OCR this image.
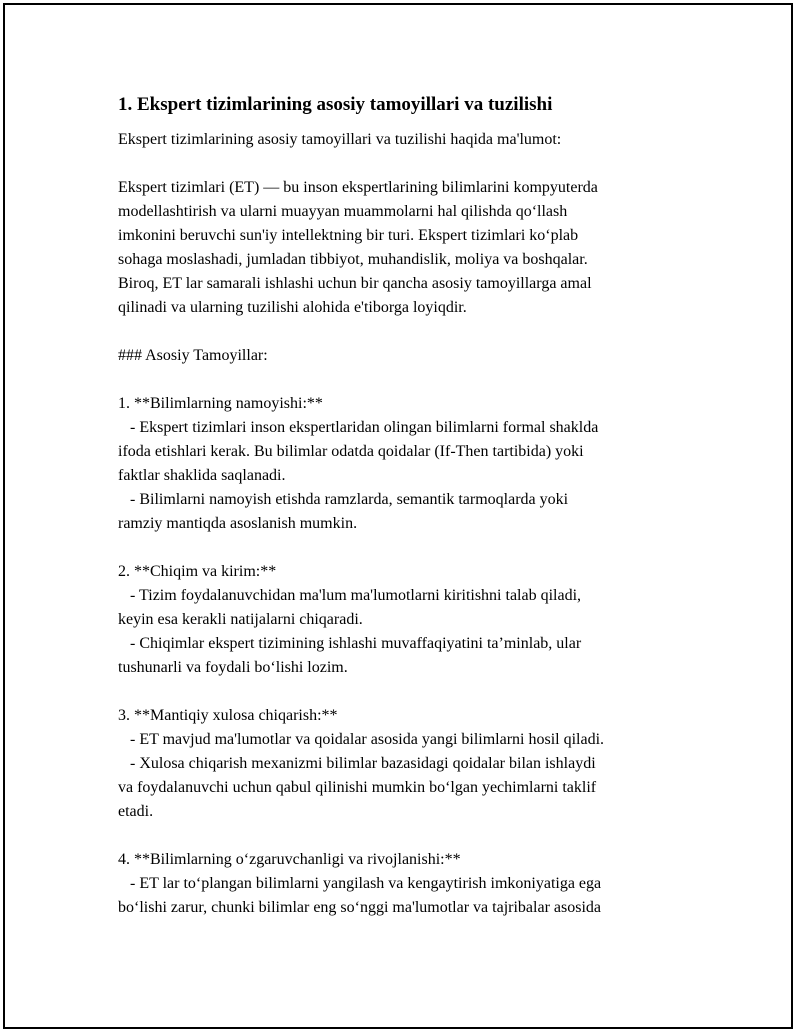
1. Ekspert tizimlarining asosiy tamoyillari va tuzilishi

Ekspert tizimlarining asosiy tamoyillari va tuzilishi haqida ma'lumot:

Ekspert tizimlari (ET) — bu inson ekspertlarining bilimlarini kompyuterda

modellashtirish va ularni muayyan muammolarni hal qilishda qo‘llash

imkonini beruvchi sun'iy intellektning bir turi. Ekspert tizimlari ko‘plab

sohaga moslashadi, jumladan tibbiyot, muhandislik, moliya va boshqalar.

Biroq, ET lar samarali ishlashi uchun bir qancha asosiy tamoyillarga amal

qilinadi va ularning tuzilishi alohida e'tiborga loyiqdir.

### Asosiy Tamoyillar:

1. **Bilimlarning namoyishi:**

- Ekspert tizimlari inson ekspertlaridan olingan bilimlarni formal shaklda

ifoda etishlari kerak. Bu bilimlar odatda qoidalar (If-Then tartibida) yoki

faktlar shaklida saqlanadi.

- Bilimlarni namoyish etishda ramzlarda, semantik tarmoqlarda yoki

ramziy mantiqda asoslanish mumkin.

2. **Chiqim va kirim:**

- Tizim foydalanuvchidan ma'lum ma'lumotlarni kiritishni talab qiladi,

keyin esa kerakli natijalarni chiqaradi.

- Chiqimlar ekspert tizimining ishlashi muvaffaqiyatini ta’minlab, ular

tushunarli va foydali bo‘lishi lozim.

3. **Mantiqiy xulosa chiqarish:**

- ET mavjud ma'lumotlar va qoidalar asosida yangi bilimlarni hosil qiladi.

- Xulosa chiqarish mexanizmi bilimlar bazasidagi qoidalar bilan ishlaydi

va foydalanuvchi uchun qabul qilinishi mumkin bo‘lgan yechimlarni taklif

etadi.

4. **Bilimlarning o‘zgaruvchanligi va rivojlanishi:**

- ET lar to‘plangan bilimlarni yangilash va kengaytirish imkoniyatiga ega

bo‘lishi zarur, chunki bilimlar eng so‘nggi ma'lumotlar va tajribalar asosida
